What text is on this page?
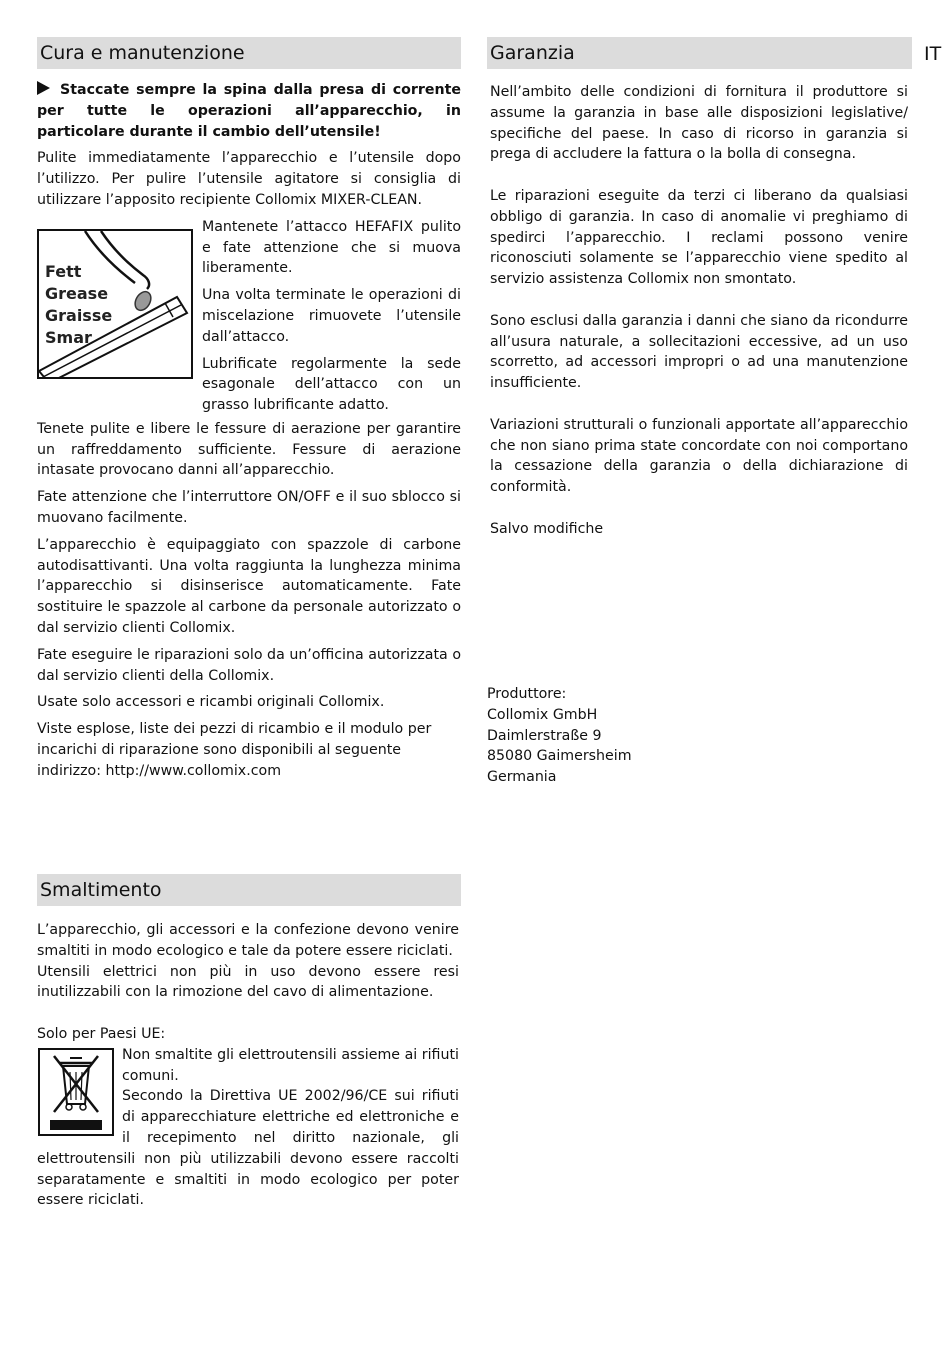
IT
Cura e manutenzione

Staccate sempre la spina dalla presa di corrente per tutte le operazioni all’apparecchio, in particolare durante il cambio dell’utensile!

Pulite immediatamente l’apparecchio e l’utensile dopo l’utilizzo. Per pulire l’utensile agitatore si consiglia di utilizzare l’apposito recipiente Collomix MIXER-CLEAN.

Fett
Grease
Graisse
Smar

Mantenete l’attacco HEFAFIX pulito e fate attenzione che si muova liberamente.

Una volta terminate le operazioni di miscelazione rimuovete l’utensile dall’attacco.

Lubrificate regolarmente la sede esagonale dell’attacco con un grasso lubrificante adatto.

Tenete pulite e libere le fessure di aerazione per garantire un raffreddamento sufficiente. Fessure di aerazione intasate provocano danni all’apparecchio.

Fate attenzione che l’interruttore ON/OFF e il suo sblocco si muovano facilmente.

L’apparecchio è equipaggiato con spazzole di carbone autodisattivanti. Una volta raggiunta la lunghezza minima l’apparecchio si disinserisce automaticamente. Fate sostituire le spazzole al carbone da personale autorizzato o dal servizio clienti Collomix.

Fate eseguire le riparazioni solo da un’officina autorizzata o dal servizio clienti della Collomix.

Usate solo accessori e ricambi originali Collomix.

Viste esplose, liste dei pezzi di ricambio e il modulo per incarichi di riparazione sono disponibili al seguente indirizzo: http://www.collomix.com

Garanzia

Nell’ambito delle condizioni di fornitura il produttore si assume la garanzia in base alle disposizioni legislative/ specifiche del paese. In caso di ricorso in garanzia si prega di accludere la fattura o la bolla di consegna.

Le riparazioni eseguite da terzi ci liberano da qualsiasi obbligo di garanzia. In caso di anomalie vi preghiamo di spedirci l’apparecchio. I reclami possono venire riconosciuti solamente se l’apparecchio viene spedito al servizio assistenza Collomix non smontato.

Sono esclusi dalla garanzia i danni che siano da ricondurre all’usura naturale, a sollecitazioni eccessive, ad un uso scorretto, ad accessori impropri o ad una manutenzione insufficiente.

Variazioni strutturali o funzionali apportate all’apparecchio che non siano prima state concordate con noi comportano la cessazione della garanzia o della dichiarazione di conformità.

Salvo modifiche

Produttore:
Collomix GmbH
Daimlerstraße 9
85080 Gaimersheim
Germania
Smaltimento

L’apparecchio, gli accessori e la confezione devono venire smaltiti in modo ecologico e tale da potere essere riciclati.

Utensili elettrici non più in uso devono essere resi inutilizzabili con la rimozione del cavo di alimentazione.

Solo per Paesi UE:

Non smaltite gli elettroutensili assieme ai rifiuti comuni.

Secondo la Direttiva UE 2002/96/CE sui rifiuti di apparecchiature elettriche ed elettroniche e il recepimento nel diritto nazionale, gli elettroutensili non più utilizzabili devono essere raccolti separatamente e smaltiti in modo ecologico per poter essere riciclati.
